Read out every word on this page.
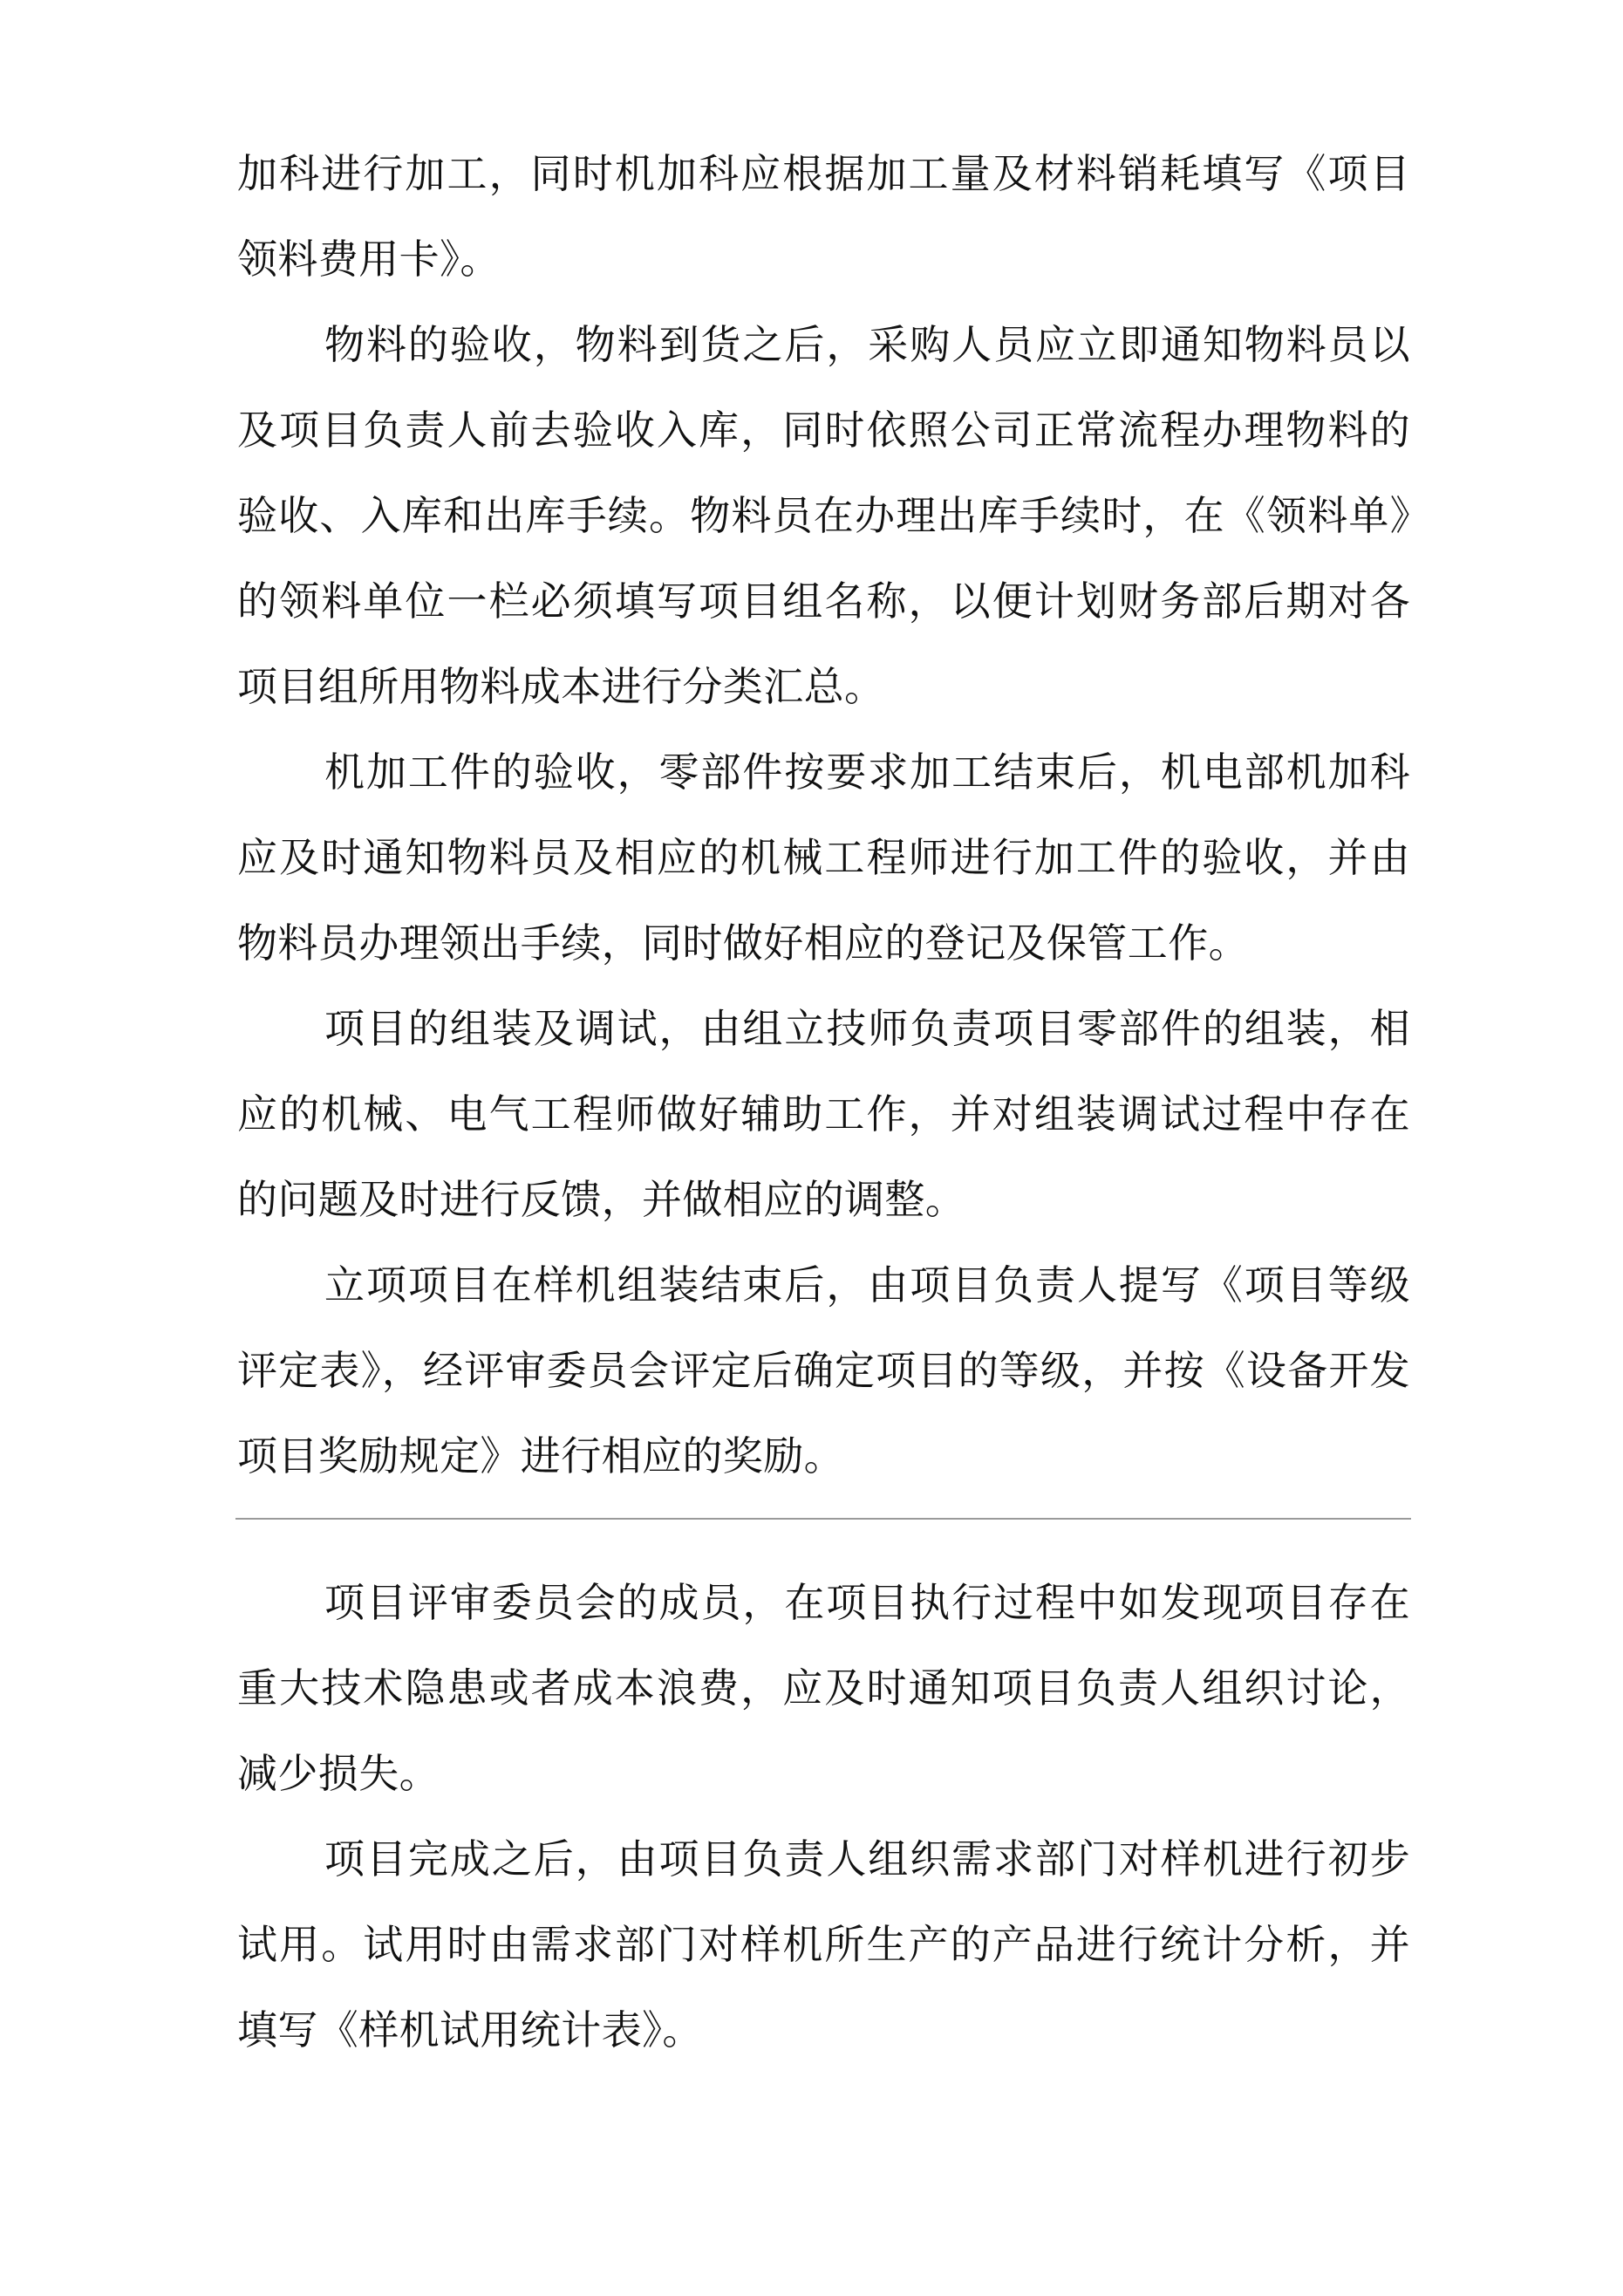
加科进行加工，同时机加科应根据加工量及材料销耗填写《项目领料费用卡》。

物料的验收，物料到货之后，采购人员应立即通知物料员以及项目负责人前去验收入库，同时依照公司正常流程办理物料的验收、入库和出库手续。物料员在办理出库手续时，在《领料单》的领料单位一栏必须填写项目组名称，以便计划财务部后期对各项目组所用物料成本进行分类汇总。

机加工件的验收，零部件按要求加工结束后，机电部机加科应及时通知物料员及相应的机械工程师进行加工件的验收，并由物料员办理领出手续，同时做好相应的登记及保管工作。

项目的组装及调试，由组立技师负责项目零部件的组装，相应的机械、电气工程师做好辅助工作，并对组装调试过程中存在的问题及时进行反馈，并做相应的调整。

立项项目在样机组装结束后，由项目负责人提写《项目等级评定表》，经评审委员会评定后确定项目的等级，并按《设备开发项目奖励规定》进行相应的奖励。

项目评审委员会的成员，在项目执行过程中如发现项目存在重大技术隐患或者成本浪费，应及时通知项目负责人组织讨论，减少损失。

项目完成之后，由项目负责人组织需求部门对样机进行初步试用。试用时由需求部门对样机所生产的产品进行统计分析，并填写《样机试用统计表》。
